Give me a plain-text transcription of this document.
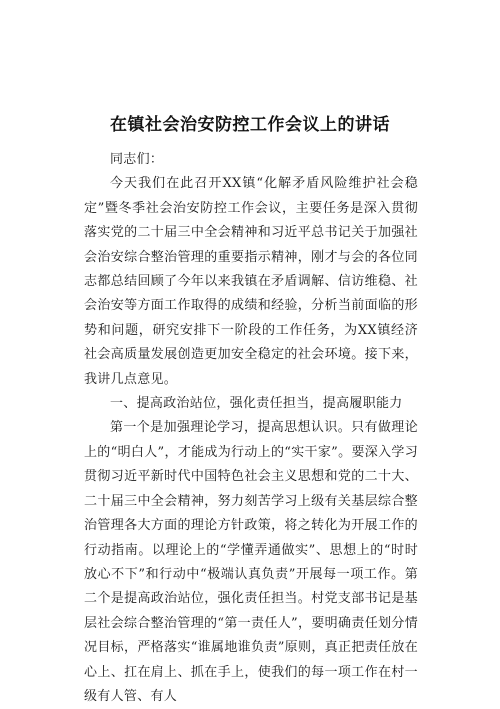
在镇社会治安防控工作会议上的讲话

同志们：

今天我们在此召开XX镇“化解矛盾风险维护社会稳定”暨冬季社会治安防控工作会议，主要任务是深入贯彻落实党的二十届三中全会精神和习近平总书记关于加强社会治安综合整治管理的重要指示精神，刚才与会的各位同志都总结回顾了今年以来我镇在矛盾调解、信访维稳、社会治安等方面工作取得的成绩和经验，分析当前面临的形势和问题，研究安排下一阶段的工作任务，为XX镇经济社会高质量发展创造更加安全稳定的社会环境。接下来，我讲几点意见。

一、提高政治站位，强化责任担当，提高履职能力

第一个是加强理论学习，提高思想认识。只有做理论上的“明白人”，才能成为行动上的“实干家”。要深入学习贯彻习近平新时代中国特色社会主义思想和党的二十大、二十届三中全会精神，努力刻苦学习上级有关基层综合整治管理各大方面的理论方针政策，将之转化为开展工作的行动指南。以理论上的“学懂弄通做实”、思想上的“时时放心不下”和行动中“极端认真负责”开展每一项工作。第二个是提高政治站位，强化责任担当。村党支部书记是基层社会综合整治管理的“第一责任人”，要明确责任划分情况目标，严格落实“谁属地谁负责”原则，真正把责任放在心上、扛在肩上、抓在手上，使我们的每一项工作在村一级有人管、有人
